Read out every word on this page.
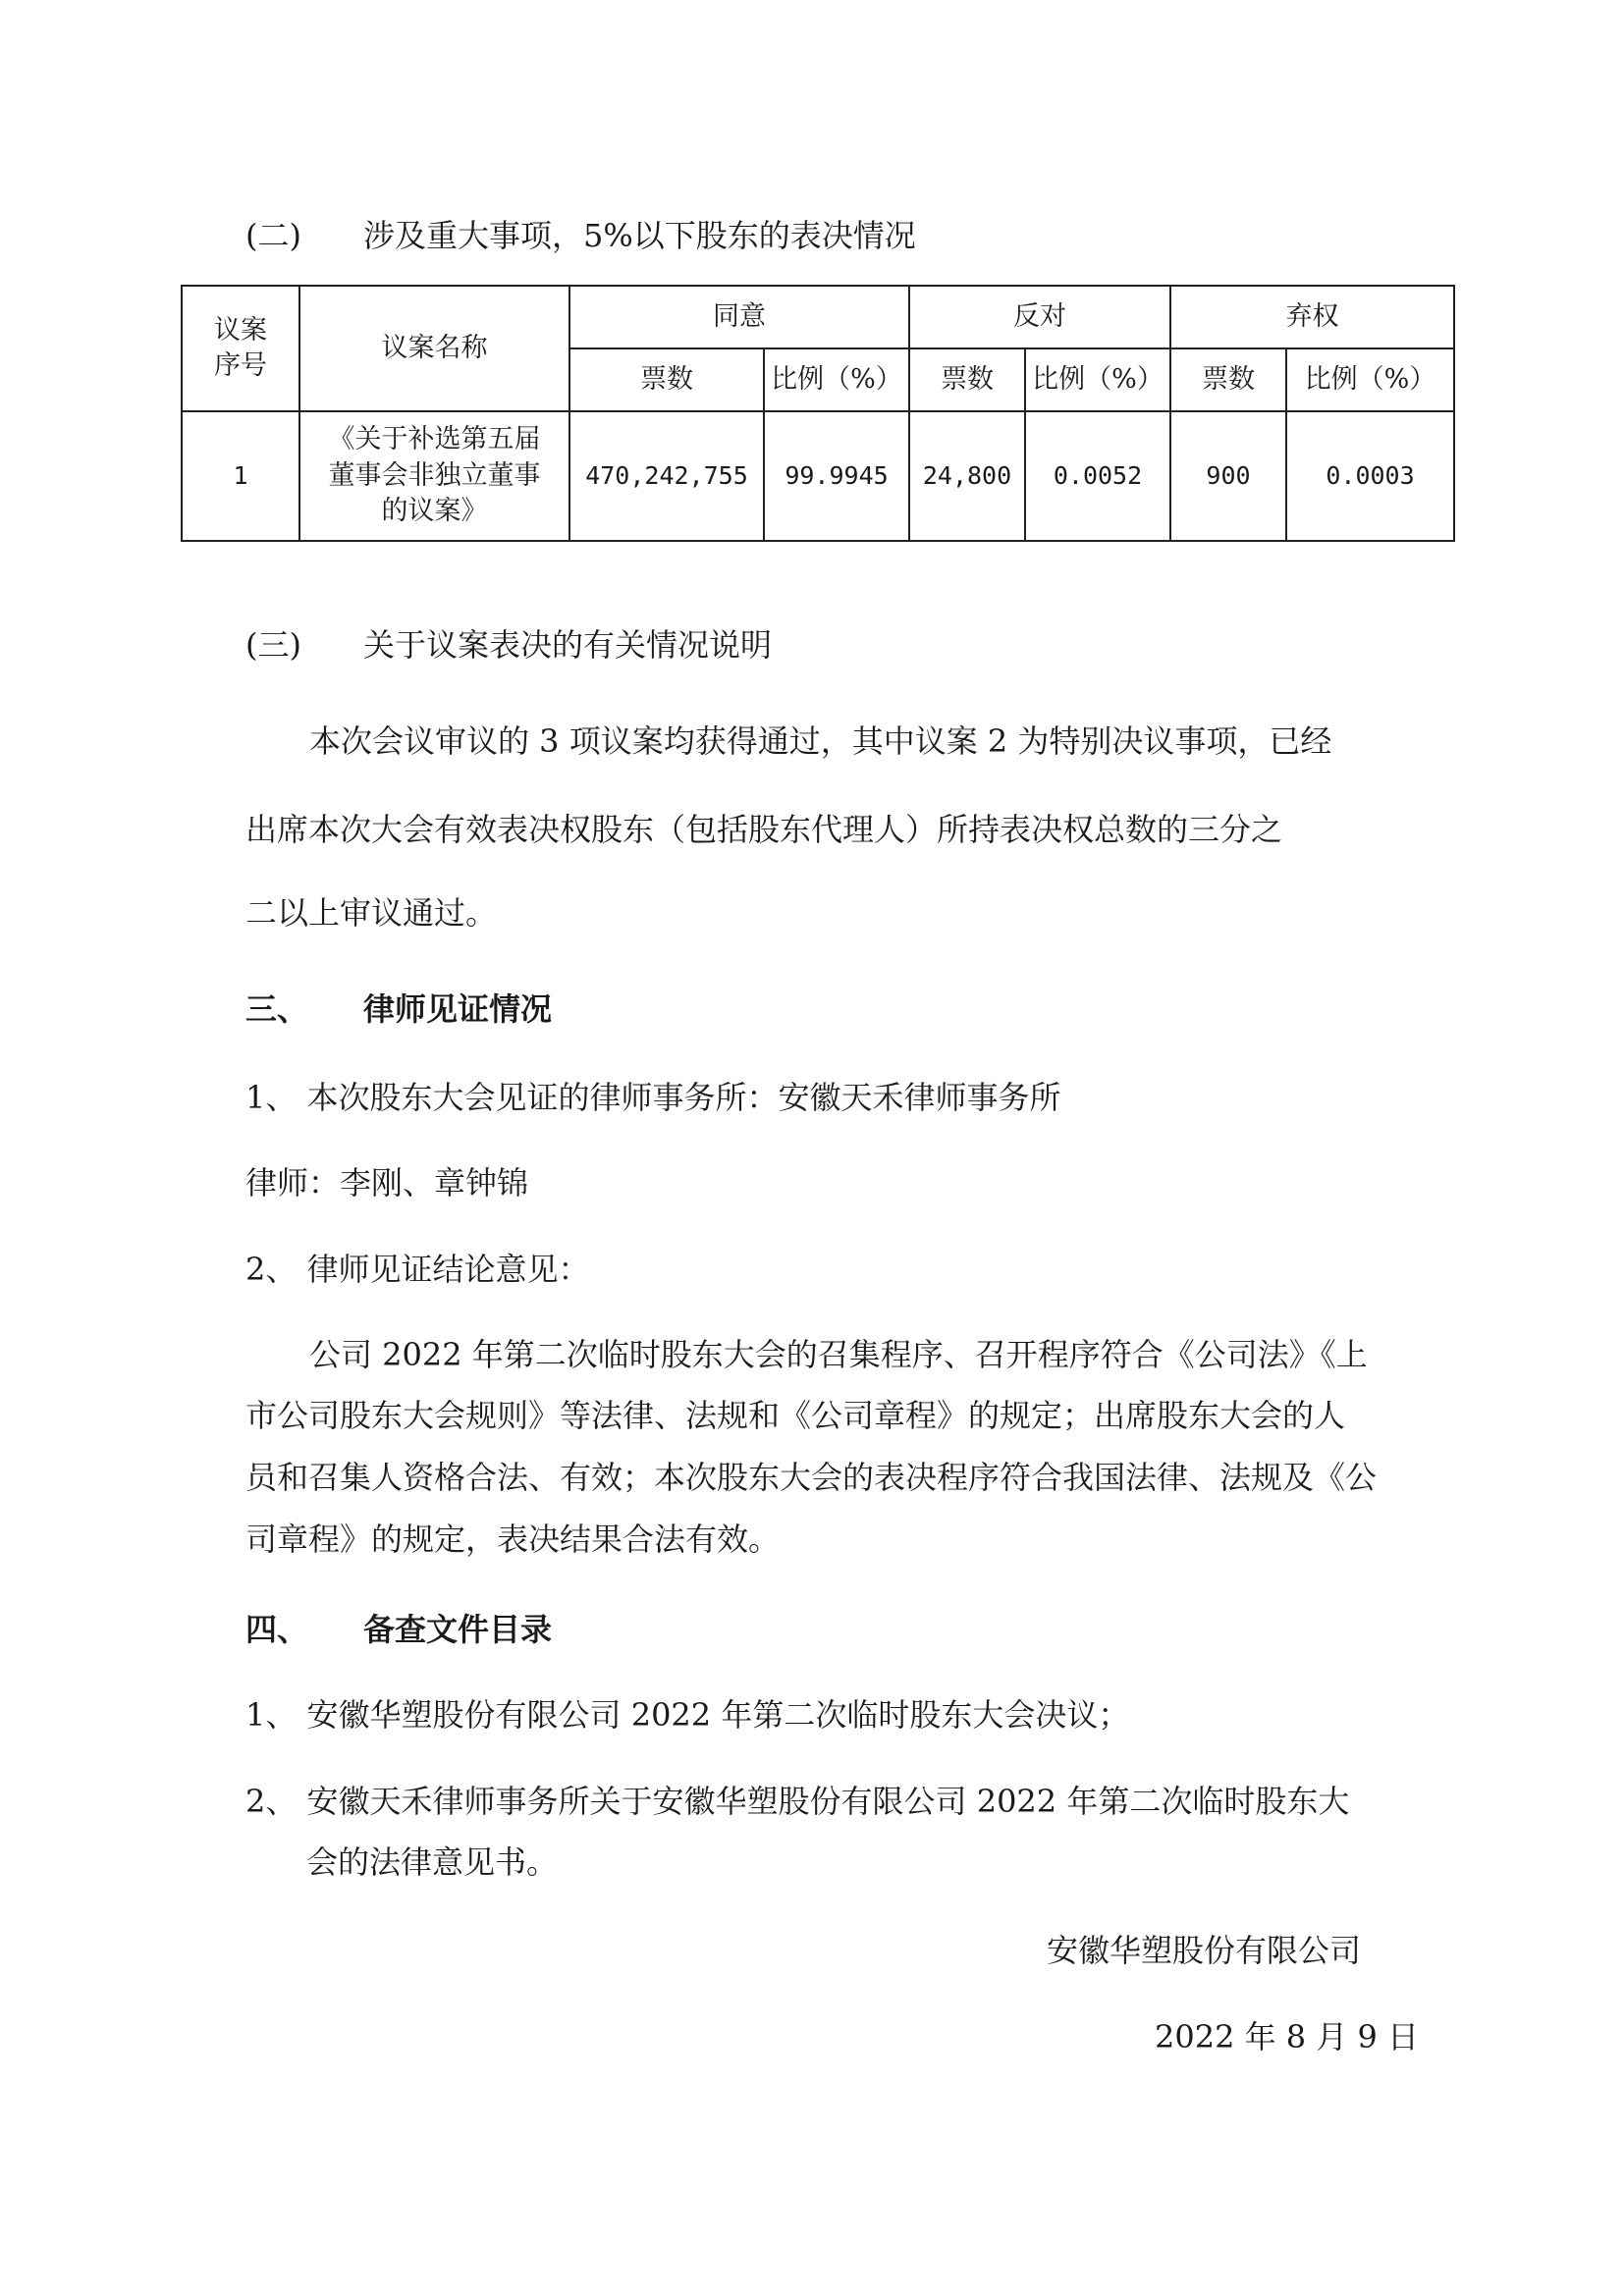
(二) 涉及重大事项，5%以下股东的表决情况
议案
序号	议案名称	同意		反对		弃权	
		票数	比例（%）	票数	比例（%）	票数	比例（%）
1	《关于补选第五届
董事会非独立董事
的议案》	470,242,755	99.9945	24,800	0.0052	900	0.0003
(三) 关于议案表决的有关情况说明
本次会议审议的 3 项议案均获得通过，其中议案 2 为特别决议事项，已经
出席本次大会有效表决权股东（包括股东代理人）所持表决权总数的三分之
二以上审议通过。
三、 律师见证情况
1、 本次股东大会见证的律师事务所：安徽天禾律师事务所
律师：李刚、章钟锦
2、 律师见证结论意见：
公司 2022 年第二次临时股东大会的召集程序、召开程序符合《公司法》《上
市公司股东大会规则》等法律、法规和《公司章程》的规定；出席股东大会的人
员和召集人资格合法、有效；本次股东大会的表决程序符合我国法律、法规及《公
司章程》的规定，表决结果合法有效。
四、 备查文件目录
1、 安徽华塑股份有限公司 2022 年第二次临时股东大会决议；
2、 安徽天禾律师事务所关于安徽华塑股份有限公司 2022 年第二次临时股东大
会的法律意见书。
安徽华塑股份有限公司
2022 年 8 月 9 日
